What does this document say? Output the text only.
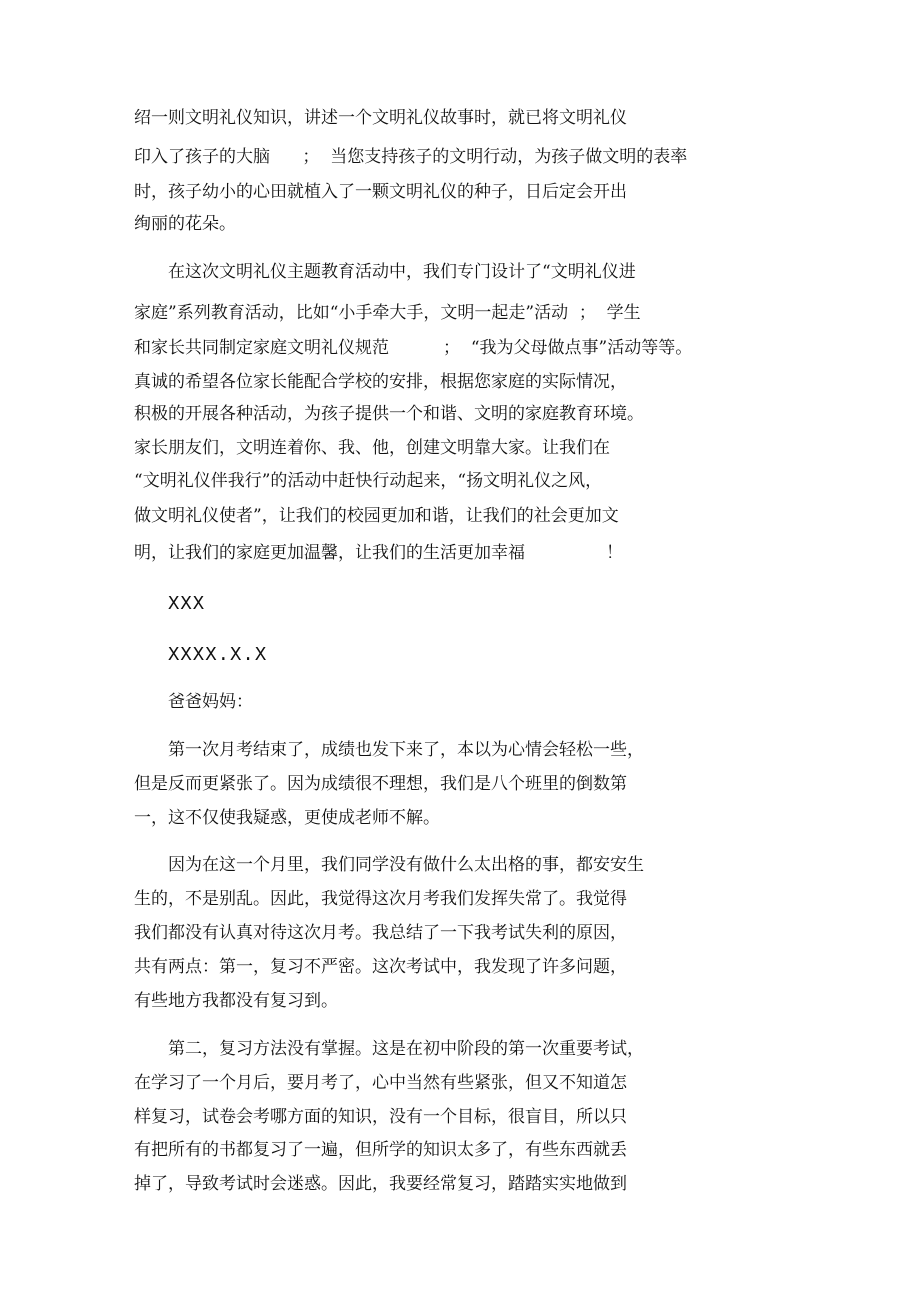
绍一则文明礼仪知识，讲述一个文明礼仪故事时，就已将文明礼仪
印入了孩子的大脑      ；  当您支持孩子的文明行动，为孩子做文明的表率
时，孩子幼小的心田就植入了一颗文明礼仪的种子，日后定会开出
绚丽的花朵。
在这次文明礼仪主题教育活动中，我们专门设计了“文明礼仪进
家庭”系列教育活动，比如“小手牵大手，文明一起走”活动  ；  学生
和家长共同制定家庭文明礼仪规范          ；  “我为父母做点事”活动等等。
真诚的希望各位家长能配合学校的安排，根据您家庭的实际情况，
积极的开展各种活动，为孩子提供一个和谐、文明的家庭教育环境。
家长朋友们，文明连着你、我、他，创建文明靠大家。让我们在
“文明礼仪伴我行”的活动中赶快行动起来，“扬文明礼仪之风，
做文明礼仪使者”，让我们的校园更加和谐，让我们的社会更加文
明，让我们的家庭更加温馨，让我们的生活更加幸福               ！
XXX
XXXX.X.X
爸爸妈妈：
第一次月考结束了，成绩也发下来了，本以为心情会轻松一些，
但是反而更紧张了。因为成绩很不理想，我们是八个班里的倒数第
一，这不仅使我疑惑，更使成老师不解。
因为在这一个月里，我们同学没有做什么太出格的事，都安安生
生的，不是别乱。因此，我觉得这次月考我们发挥失常了。我觉得
我们都没有认真对待这次月考。我总结了一下我考试失利的原因，
共有两点：第一，复习不严密。这次考试中，我发现了许多问题，
有些地方我都没有复习到。
第二，复习方法没有掌握。这是在初中阶段的第一次重要考试，
在学习了一个月后，要月考了，心中当然有些紧张，但又不知道怎
样复习，试卷会考哪方面的知识，没有一个目标，很盲目，所以只
有把所有的书都复习了一遍，但所学的知识太多了，有些东西就丢
掉了，导致考试时会迷惑。因此，我要经常复习，踏踏实实地做到
